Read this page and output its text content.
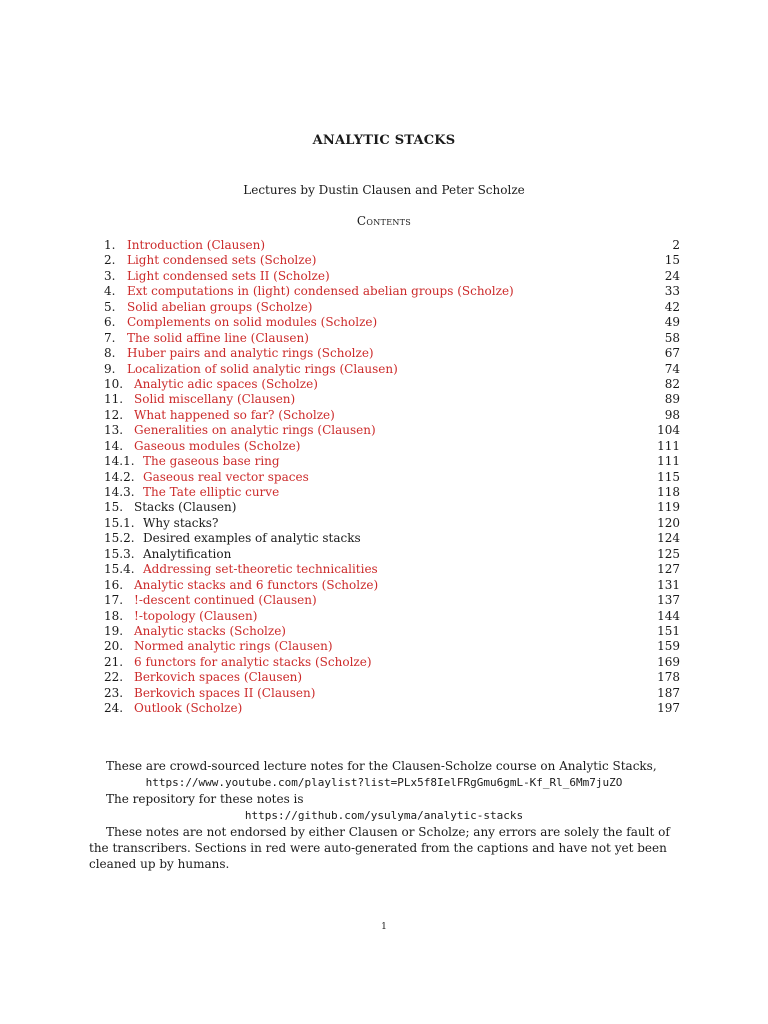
ANALYTIC STACKS
Lectures by Dustin Clausen and Peter Scholze
Contents
1. Introduction (Clausen)	2
2. Light condensed sets (Scholze)	15
3. Light condensed sets II (Scholze)	24
4. Ext computations in (light) condensed abelian groups (Scholze)	33
5. Solid abelian groups (Scholze)	42
6. Complements on solid modules (Scholze)	49
7. The solid affine line (Clausen)	58
8. Huber pairs and analytic rings (Scholze)	67
9. Localization of solid analytic rings (Clausen)	74
10. Analytic adic spaces (Scholze)	82
11. Solid miscellany (Clausen)	89
12. What happened so far? (Scholze)	98
13. Generalities on analytic rings (Clausen)	104
14. Gaseous modules (Scholze)	111
14.1. The gaseous base ring	111
14.2. Gaseous real vector spaces	115
14.3. The Tate elliptic curve	118
15. Stacks (Clausen)	119
15.1. Why stacks?	120
15.2. Desired examples of analytic stacks	124
15.3. Analytification	125
15.4. Addressing set-theoretic technicalities	127
16. Analytic stacks and 6 functors (Scholze)	131
17. !-descent continued (Clausen)	137
18. !-topology (Clausen)	144
19. Analytic stacks (Scholze)	151
20. Normed analytic rings (Clausen)	159
21. 6 functors for analytic stacks (Scholze)	169
22. Berkovich spaces (Clausen)	178
23. Berkovich spaces II (Clausen)	187
24. Outlook (Scholze)	197

These are crowd-sourced lecture notes for the Clausen-Scholze course on Analytic Stacks,

https://www.youtube.com/playlist?list=PLx5f8IelFRgGmu6gmL-Kf_Rl_6Mm7juZO

The repository for these notes is

https://github.com/ysulyma/analytic-stacks

These notes are not endorsed by either Clausen or Scholze; any errors are solely the fault of the transcribers. Sections in red were auto-generated from the captions and have not yet been cleaned up by humans.

1
